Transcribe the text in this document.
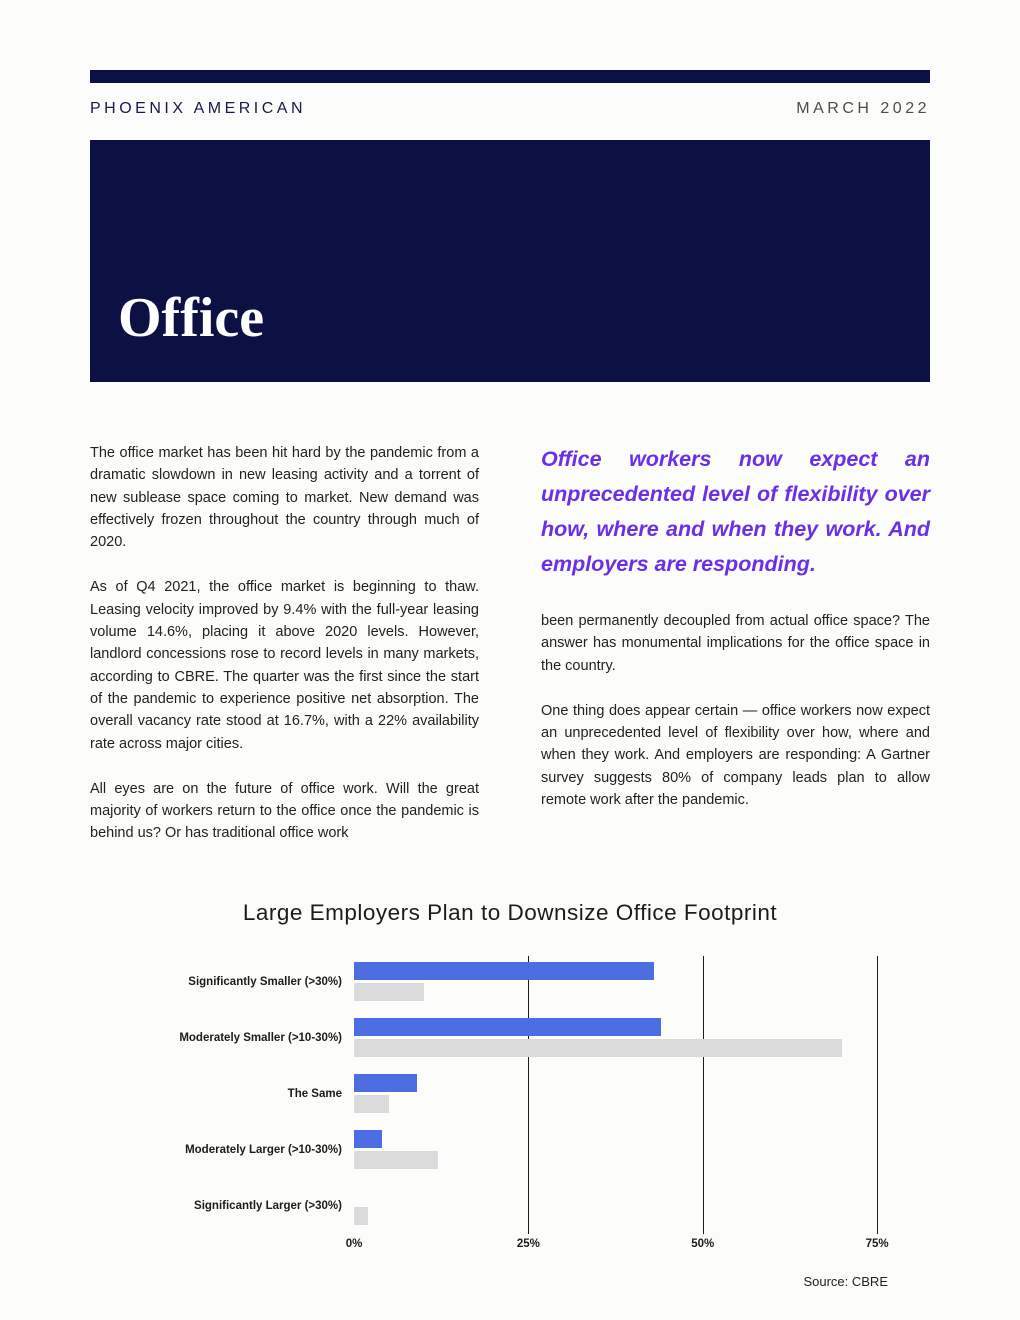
PHOENIX AMERICAN	MARCH 2022
Office

The office market has been hit hard by the pandemic from a dramatic slowdown in new leasing activity and a torrent of new sublease space coming to market. New demand was effectively frozen throughout the country through much of 2020.

As of Q4 2021, the office market is beginning to thaw. Leasing velocity improved by 9.4% with the full-year leasing volume 14.6%, placing it above 2020 levels. However, landlord concessions rose to record levels in many markets, according to CBRE. The quarter was the first since the start of the pandemic to experience positive net absorption. The overall vacancy rate stood at 16.7%, with a 22% availability rate across major cities.

All eyes are on the future of office work. Will the great majority of workers return to the office once the pandemic is behind us? Or has traditional office work

Office workers now expect an unprecedented level of flexibility over how, where and when they work. And employers are responding.

been permanently decoupled from actual office space? The answer has monumental implications for the office space in the country.

One thing does appear certain — office workers now expect an unprecedented level of flexibility over how, where and when they work. And employers are responding: A Gartner survey suggests 80% of company leads plan to allow remote work after the pandemic.

Large Employers Plan to Downsize Office Footprint
Significantly Smaller (>30%)
Moderately Smaller (>10-30%)
The Same
Moderately Larger (>10-30%)
Significantly Larger (>30%)
0%	25%	50%	75%
Source: CBRE
